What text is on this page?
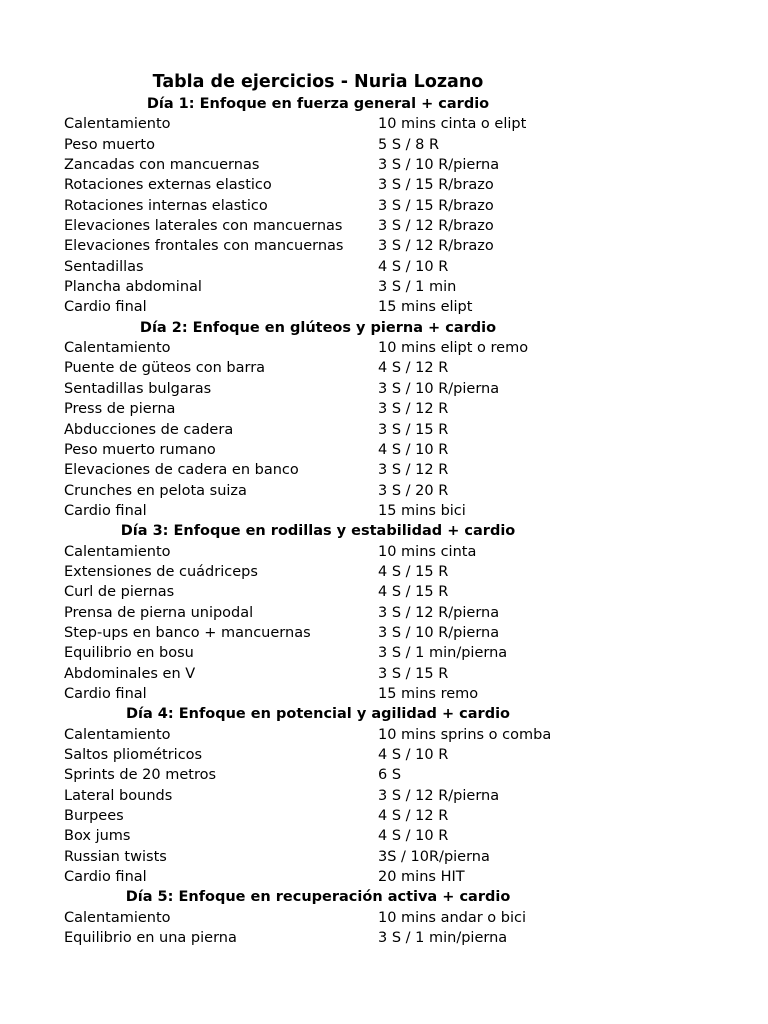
Tabla de ejercicios - Nuria Lozano
Día 1: Enfoque en fuerza general + cardio
Calentamiento	10 mins cinta o elipt
Peso muerto	5 S / 8 R
Zancadas con mancuernas	3 S / 10 R/pierna
Rotaciones externas elastico	3 S / 15 R/brazo
Rotaciones internas elastico	3 S / 15 R/brazo
Elevaciones laterales con mancuernas	3 S / 12 R/brazo
Elevaciones frontales con mancuernas	3 S / 12 R/brazo
Sentadillas	4 S / 10 R
Plancha abdominal	3 S / 1 min
Cardio final	15 mins elipt
Día 2: Enfoque en glúteos y pierna + cardio
Calentamiento	10 mins elipt o remo
Puente de güteos con barra	4 S / 12 R
Sentadillas bulgaras	3 S / 10 R/pierna
Press de pierna	3 S / 12 R
Abducciones de cadera	3 S / 15 R
Peso muerto rumano	4 S / 10 R
Elevaciones de cadera en banco	3 S / 12 R
Crunches en pelota suiza	3 S / 20 R
Cardio final	15 mins bici
Día 3: Enfoque en rodillas y estabilidad + cardio
Calentamiento	10 mins cinta
Extensiones de cuádriceps	4 S / 15 R
Curl de piernas	4 S / 15 R
Prensa de pierna unipodal	3 S / 12 R/pierna
Step-ups en banco + mancuernas	3 S / 10 R/pierna
Equilibrio en bosu	3 S / 1 min/pierna
Abdominales en V	3 S / 15 R
Cardio final	15 mins remo
Día 4: Enfoque en potencial y agilidad + cardio
Calentamiento	10 mins sprins o comba
Saltos pliométricos	4 S / 10 R
Sprints de 20 metros	6 S
Lateral bounds	3 S / 12 R/pierna
Burpees	4 S / 12 R
Box jums	4 S / 10 R
Russian twists	3S / 10R/pierna
Cardio final	20 mins HIT
Día 5: Enfoque en recuperación activa + cardio
Calentamiento	10 mins andar o bici
Equilibrio en una pierna	3 S / 1 min/pierna
